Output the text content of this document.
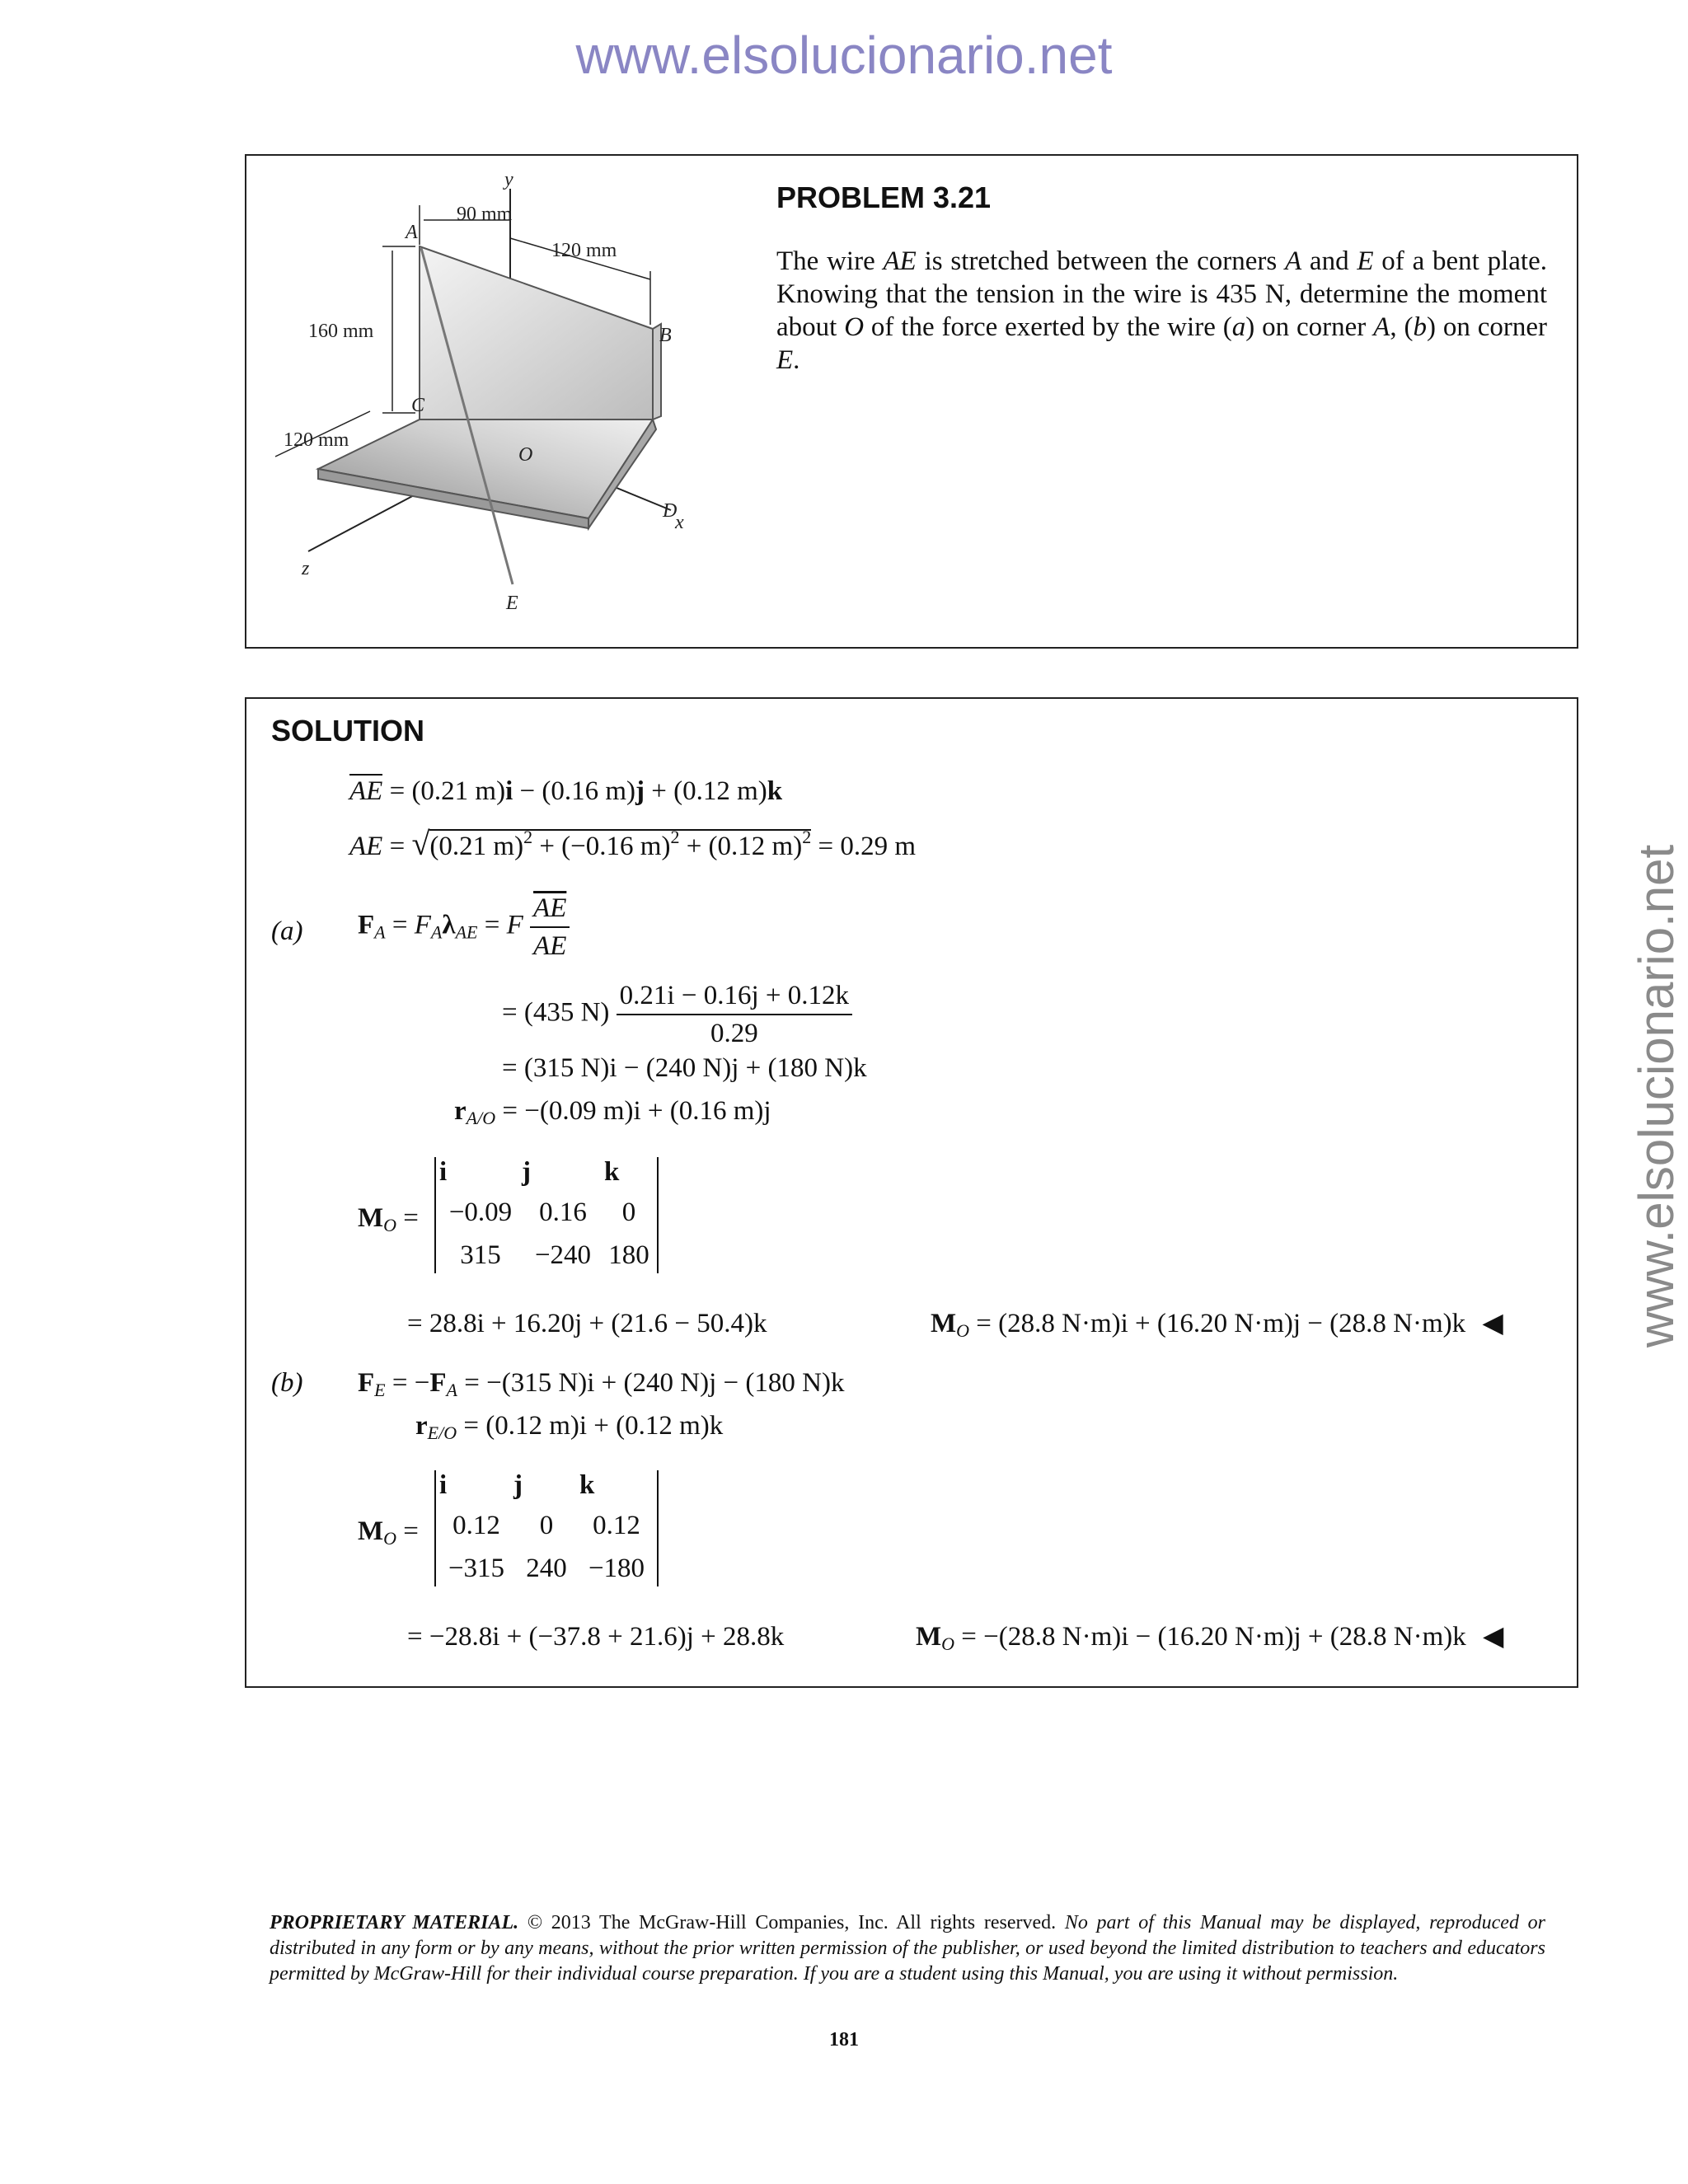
www.elsolucionario.net
www.elsolucionario.net
90 mm
120 mm
160 mm
120 mm
A
B
C
D
E
O
y
x
z
PROBLEM 3.21
The wire AE is stretched between the corners A and E of a bent plate. Knowing that the tension in the wire is 435 N, determine the moment about O of the force exerted by the wire (a) on corner A, (b) on corner E.
SOLUTION
AE = (0.21 m)i − (0.16 m)j + (0.12 m)k
AE = √(0.21 m)$^2$ + (−0.16 m)$^2$ + (0.12 m)$^2$ = 0.29 m
(a) $F_A = F_A\lambda_{AE} = F \frac{\overline{AE}}{AE}$
= (435 $N) \frac{0.21i - 0.16j + 0.12k}{0.29}$
= (315 N)i − (240 N)j + (180 N)k
$r_{A/O} = -(0.09$ m)i + (0.16 m)j
$M_O$ =
i	j	k
−0.09 0.16	0
315	−240 180
= 28.8i + 16.20j + (21.6 − 50.4)k	$M_O = (28.8$ N·m)i + (16.20 N·m)j − (28.8 N·m)k ◀
(b) $F_E = -F_A = -(315$ N)i + (240 N)j − (180 N)k
$r_{E/O} = (0.12$ m)i + (0.12 m)k
$M_O$ =
i	j	k
0.12	0	0.12
−315 240 −180
= −28.8i + (−37.8 + 21.6)j + 28.8k	$M_O = -(28.8$ N·m)i − (16.20 N·m)j + (28.8 N·m)k ◀
PROPRIETARY MATERIAL. © 2013 The McGraw-Hill Companies, Inc. All rights reserved. No part of this Manual may be displayed, reproduced or distributed in any form or by any means, without the prior written permission of the publisher, or used beyond the limited distribution to teachers and educators permitted by McGraw-Hill for their individual course preparation. If you are a student using this Manual, you are using it without permission.
181
